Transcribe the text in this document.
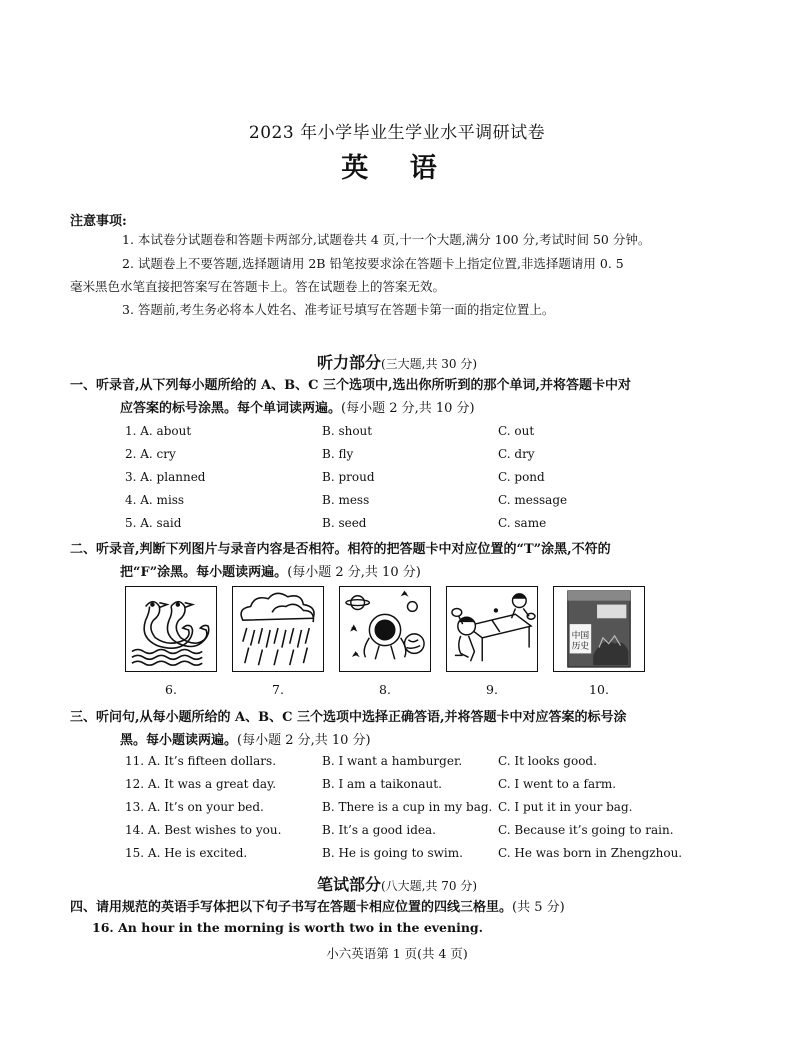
2023 年小学毕业生学业水平调研试卷
英 语
注意事项:
1. 本试卷分试题卷和答题卡两部分,试题卷共 4 页,十一个大题,满分 100 分,考试时间 50 分钟。
2. 试题卷上不要答题,选择题请用 2B 铅笔按要求涂在答题卡上指定位置,非选择题请用 0. 5
毫米黑色水笔直接把答案写在答题卡上。答在试题卷上的答案无效。
3. 答题前,考生务必将本人姓名、准考证号填写在答题卡第一面的指定位置上。
听力部分(三大题,共 30 分)
一、听录音,从下列每小题所给的 A、B、C 三个选项中,选出你所听到的那个单词,并将答题卡中对
应答案的标号涂黑。每个单词读两遍。(每小题 2 分,共 10 分)
1. A. about	B. shout	C. out
2. A. cry	B. fly	C. dry
3. A. planned	B. proud	C. pond
4. A. miss	B. mess	C. message
5. A. said	B. seed	C. same
二、听录音,判断下列图片与录音内容是否相符。相符的把答题卡中对应位置的“T”涂黑,不符的
把“F”涂黑。每小题读两遍。(每小题 2 分,共 10 分)
中国
历史
6.	7.	8.	9.	10.
三、听问句,从每小题所给的 A、B、C 三个选项中选择正确答语,并将答题卡中对应答案的标号涂
黑。每小题读两遍。(每小题 2 分,共 10 分)
11. A. It’s fifteen dollars.	B. I want a hamburger.	C. It looks good.
12. A. It was a great day.	B. I am a taikonaut.	C. I went to a farm.
13. A. It’s on your bed.	B. There is a cup in my bag. C. I put it in your bag.
14. A. Best wishes to you.	B. It’s a good idea.	C. Because it’s going to rain.
15. A. He is excited.	B. He is going to swim.	C. He was born in Zhengzhou.
笔试部分(八大题,共 70 分)
四、请用规范的英语手写体把以下句子书写在答题卡相应位置的四线三格里。(共 5 分)
16. An hour in the morning is worth two in the evening.
小六英语第 1 页(共 4 页)
